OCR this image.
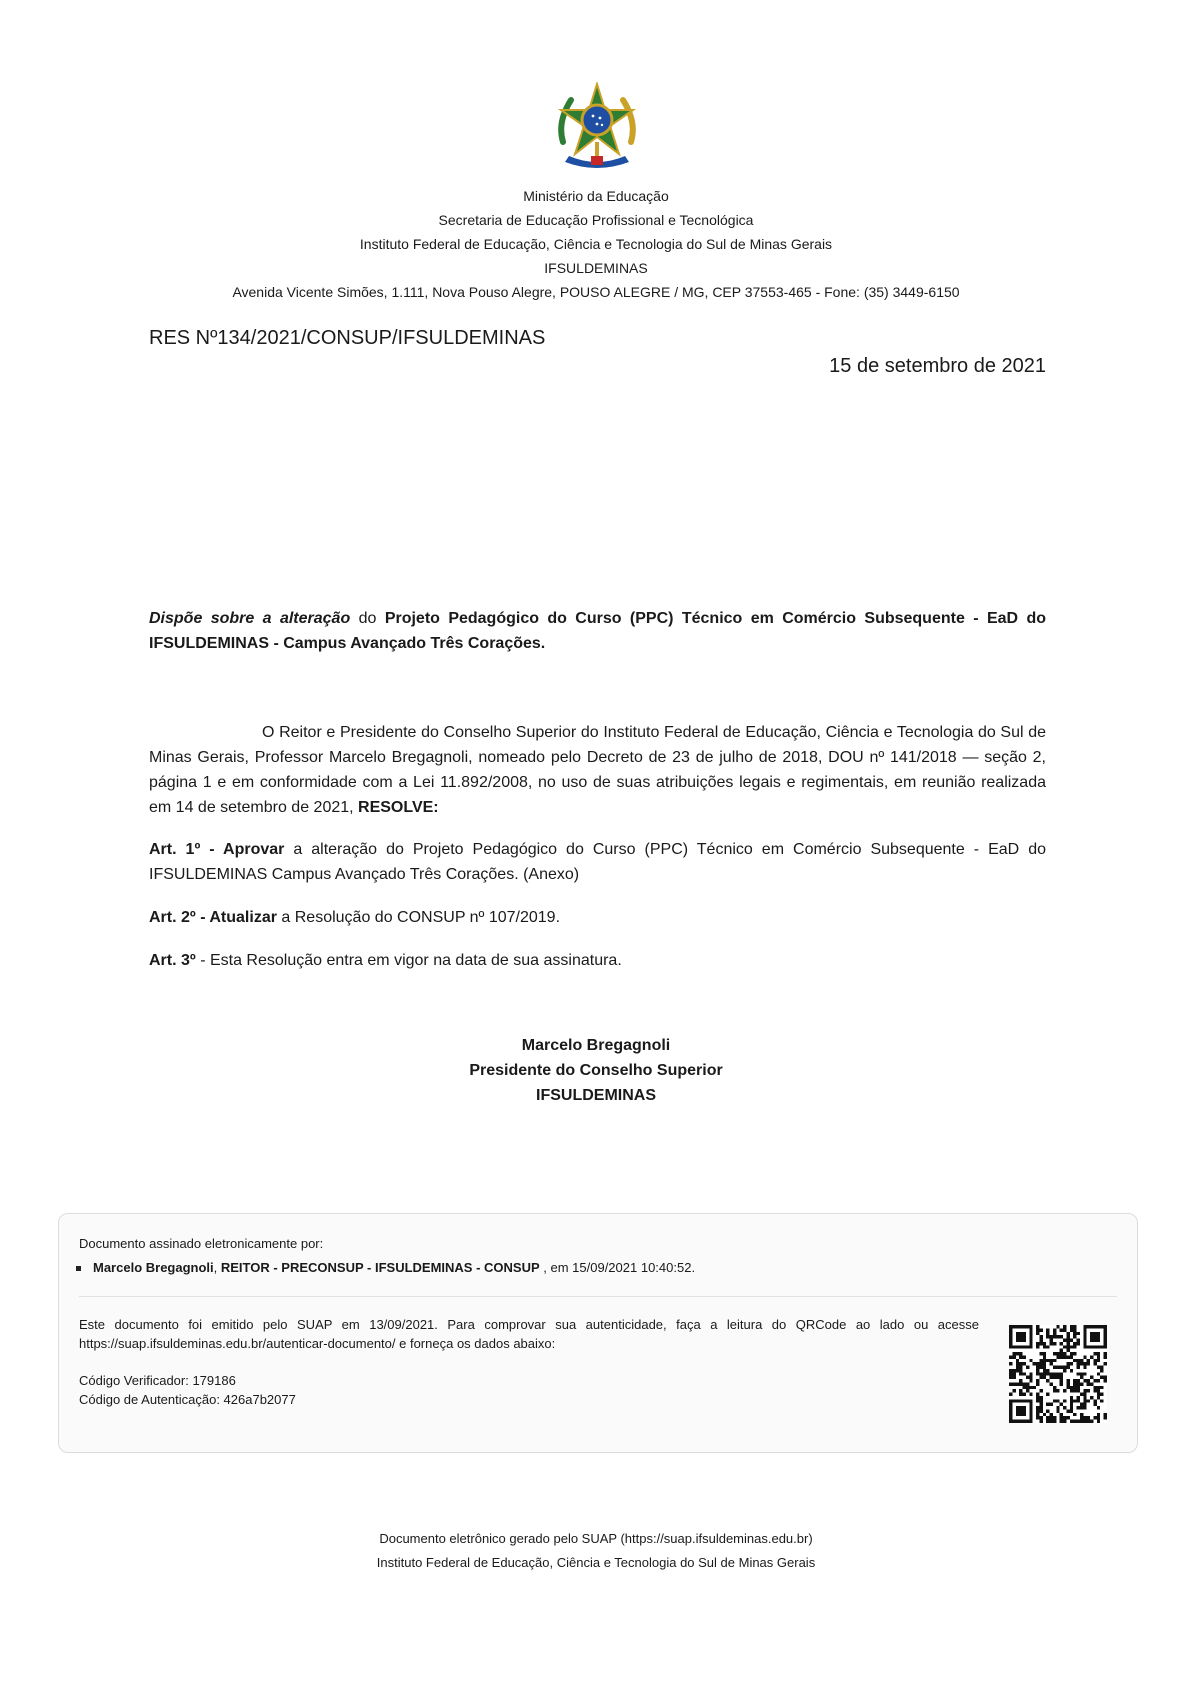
Ministério da Educação
Secretaria de Educação Profissional e Tecnológica
Instituto Federal de Educação, Ciência e Tecnologia do Sul de Minas Gerais
IFSULDEMINAS
Avenida Vicente Simões, 1.111, Nova Pouso Alegre, POUSO ALEGRE / MG, CEP 37553-465 - Fone: (35) 3449-6150
RES Nº134/2021/CONSUP/IFSULDEMINAS
15 de setembro de 2021
Dispõe sobre a alteração do Projeto Pedagógico do Curso (PPC) Técnico em Comércio Subsequente - EaD do IFSULDEMINAS - Campus Avançado Três Corações.
O Reitor e Presidente do Conselho Superior do Instituto Federal de Educação, Ciência e Tecnologia do Sul de Minas Gerais, Professor Marcelo Bregagnoli, nomeado pelo Decreto de 23 de julho de 2018, DOU nº 141/2018 — seção 2, página 1 e em conformidade com a Lei 11.892/2008, no uso de suas atribuições legais e regimentais, em reunião realizada em 14 de setembro de 2021, RESOLVE:
Art. 1º - Aprovar a alteração do Projeto Pedagógico do Curso (PPC) Técnico em Comércio Subsequente - EaD do IFSULDEMINAS Campus Avançado Três Corações. (Anexo)
Art. 2º - Atualizar a Resolução do CONSUP nº 107/2019.
Art. 3º - Esta Resolução entra em vigor na data de sua assinatura.
Marcelo Bregagnoli
Presidente do Conselho Superior
IFSULDEMINAS
Documento assinado eletronicamente por:
Marcelo Bregagnoli, REITOR - PRECONSUP - IFSULDEMINAS - CONSUP , em 15/09/2021 10:40:52.
Este documento foi emitido pelo SUAP em 13/09/2021. Para comprovar sua autenticidade, faça a leitura do QRCode ao lado ou acesse https://suap.ifsuldeminas.edu.br/autenticar-documento/ e forneça os dados abaixo:
Código Verificador: 179186
Código de Autenticação: 426a7b2077
Documento eletrônico gerado pelo SUAP (https://suap.ifsuldeminas.edu.br)
Instituto Federal de Educação, Ciência e Tecnologia do Sul de Minas Gerais
